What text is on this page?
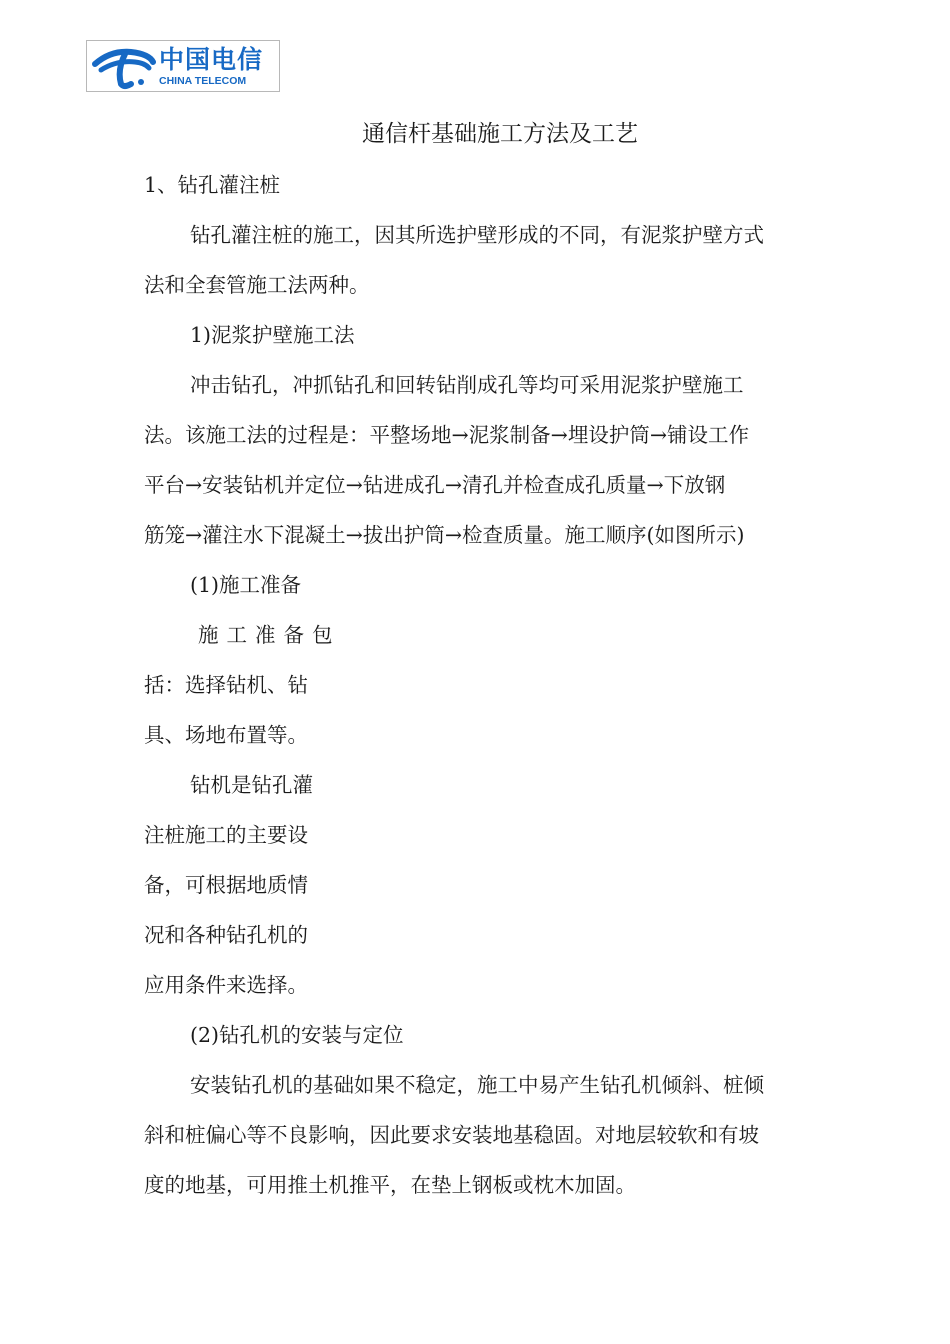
中国电信
CHINA TELECOM
通信杆基础施工方法及工艺
1、钻孔灌注桩
钻孔灌注桩的施工，因其所选护壁形成的不同，有泥浆护壁方式
法和全套管施工法两种。
1)泥浆护壁施工法
冲击钻孔，冲抓钻孔和回转钻削成孔等均可采用泥浆护壁施工
法。该施工法的过程是：平整场地→泥浆制备→埋设护筒→铺设工作
平台→安装钻机并定位→钻进成孔→清孔并检查成孔质量→下放钢
筋笼→灌注水下混凝土→拔出护筒→检查质量。施工顺序(如图所示)
(1)施工准备
施工准备包
括：选择钻机、钻
具、场地布置等。
钻机是钻孔灌
注桩施工的主要设
备，可根据地质情
况和各种钻孔机的
应用条件来选择。
(2)钻孔机的安装与定位
安装钻孔机的基础如果不稳定，施工中易产生钻孔机倾斜、桩倾
斜和桩偏心等不良影响，因此要求安装地基稳固。对地层较软和有坡
度的地基，可用推土机推平，在垫上钢板或枕木加固。
